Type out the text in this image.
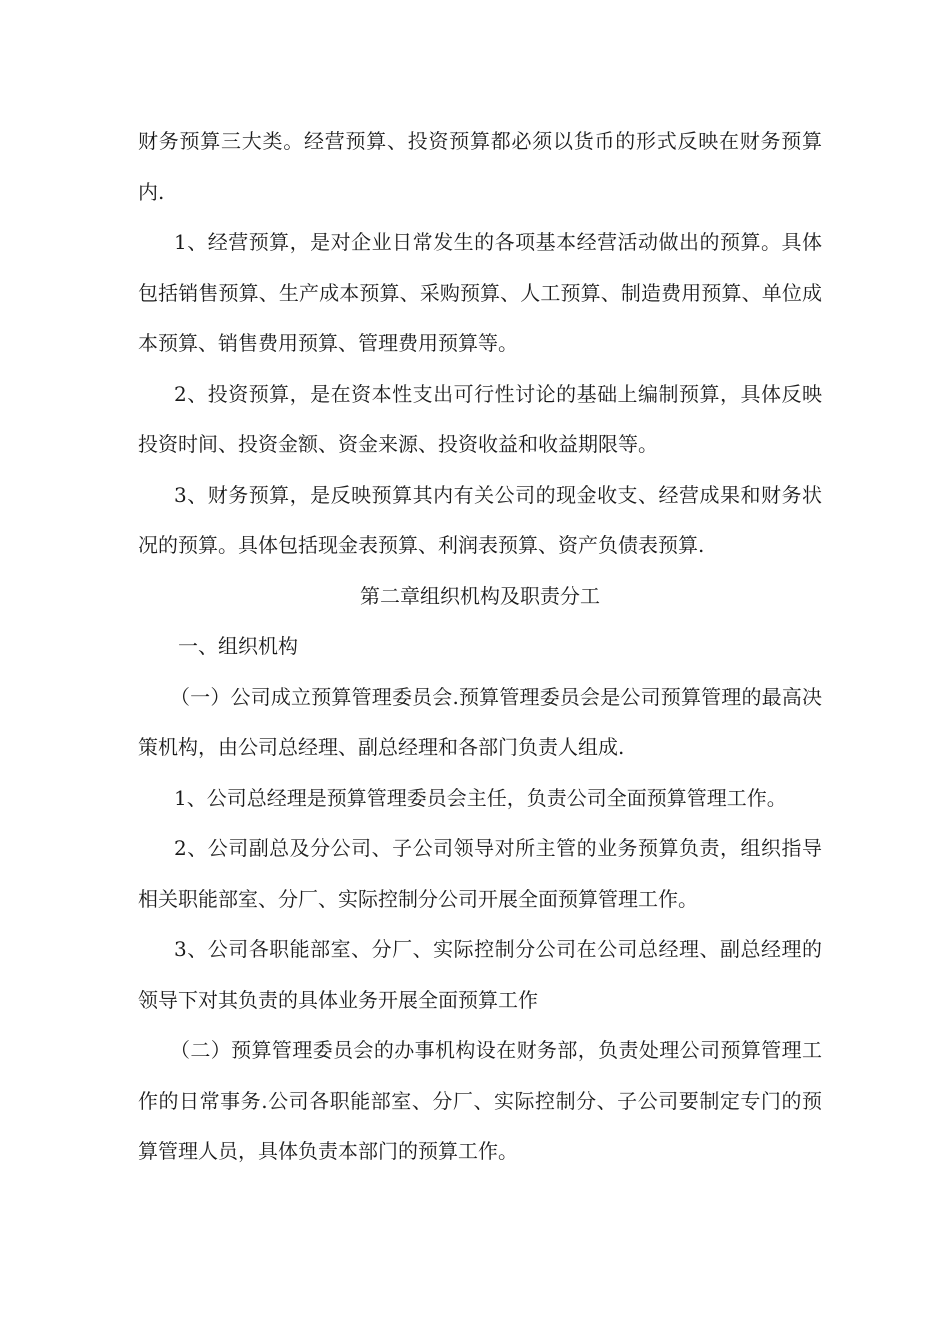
财务预算三大类。经营预算、投资预算都必须以货币的形式反映在财务预算内.

1、经营预算，是对企业日常发生的各项基本经营活动做出的预算。具体包括销售预算、生产成本预算、采购预算、人工预算、制造费用预算、单位成本预算、销售费用预算、管理费用预算等。

2、投资预算，是在资本性支出可行性讨论的基础上编制预算，具体反映投资时间、投资金额、资金来源、投资收益和收益期限等。

3、财务预算，是反映预算其内有关公司的现金收支、经营成果和财务状况的预算。具体包括现金表预算、利润表预算、资产负债表预算.

第二章组织机构及职责分工

一、组织机构

（一）公司成立预算管理委员会.预算管理委员会是公司预算管理的最高决策机构，由公司总经理、副总经理和各部门负责人组成.

1、公司总经理是预算管理委员会主任，负责公司全面预算管理工作。

2、公司副总及分公司、子公司领导对所主管的业务预算负责，组织指导相关职能部室、分厂、实际控制分公司开展全面预算管理工作。

3、公司各职能部室、分厂、实际控制分公司在公司总经理、副总经理的领导下对其负责的具体业务开展全面预算工作

（二）预算管理委员会的办事机构设在财务部，负责处理公司预算管理工作的日常事务.公司各职能部室、分厂、实际控制分、子公司要制定专门的预算管理人员，具体负责本部门的预算工作。
